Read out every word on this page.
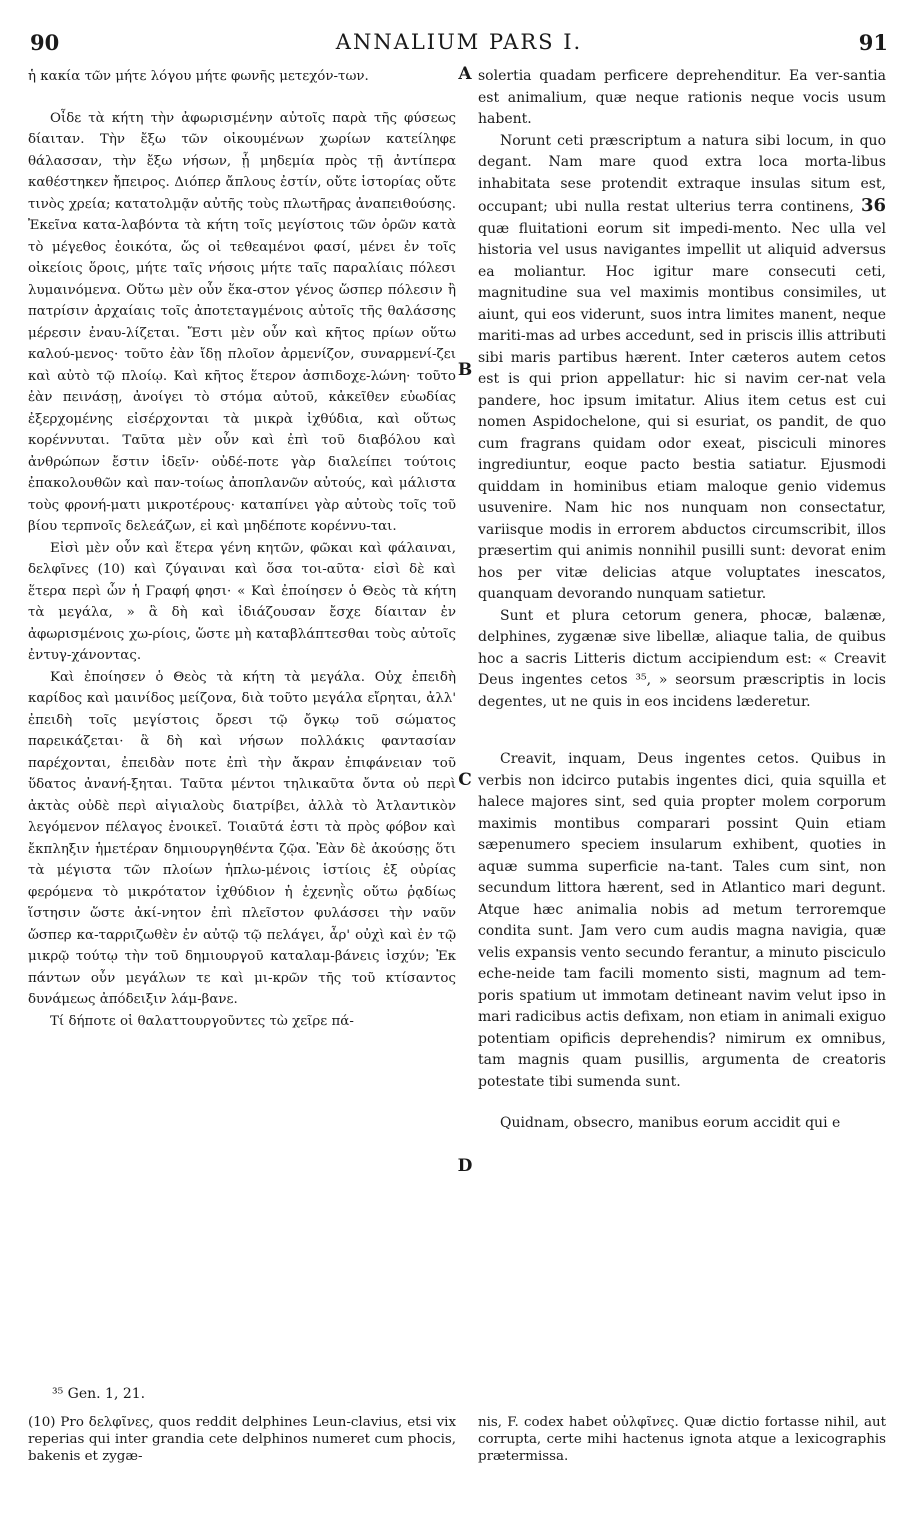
90	ANNALIUM PARS I.	91
A
B
C
D

ἡ κακία τῶν μήτε λόγου μήτε φωνῆς μετεχόν-των.

Οἶδε τὰ κήτη τὴν ἀφωρισμένην αὐτοῖς παρὰ τῆς φύσεως δίαιταν. Τὴν ἔξω τῶν οἰκουμένων χωρίων κατείληφε θάλασσαν, τὴν ἔξω νήσων, ᾗ μηδεμία πρὸς τῇ ἀντίπερα καθέστηκεν ἤπειρος. Διόπερ ἄπλους ἐστίν, οὔτε ἱστορίας οὔτε τινὸς χρεία; κατατολμᾷν αὐτῆς τοὺς πλωτῆρας ἀναπειθούσης. Ἐκεῖνα κατα-λαβόντα τὰ κήτη τοῖς μεγίστοις τῶν ὀρῶν κατὰ τὸ μέγεθος ἐοικότα, ὥς οἱ τεθεαμένοι φασί, μένει ἐν τοῖς οἰκείοις ὅροις, μήτε ταῖς νήσοις μήτε ταῖς παραλίαις πόλεσι λυμαινόμενα. Οὕτω μὲν οὖν ἕκα-στον γένος ὥσπερ πόλεσιν ἢ πατρίσιν ἀρχαίαις τοῖς ἀποτεταγμένοις αὐτοῖς τῆς θαλάσσης μέρεσιν ἐναυ-λίζεται. Ἔστι μὲν οὖν καὶ κῆτος πρίων οὕτω καλού-μενος· τοῦτο ἐὰν ἴδῃ πλοῖον ἀρμενίζον, συναρμενί-ζει καὶ αὐτὸ τῷ πλοίῳ. Καὶ κῆτος ἕτερον ἀσπιδοχε-λώνη· τοῦτο ἐὰν πεινάσῃ, ἀνοίγει τὸ στόμα αὐτοῦ, κἀκεῖθεν εὐωδίας ἐξερχομένης εἰσέρχονται τὰ μικρὰ ἰχθύδια, καὶ οὕτως κορέννυται. Ταῦτα μὲν οὖν καὶ ἐπὶ τοῦ διαβόλου καὶ ἀνθρώπων ἔστιν ἰδεῖν· οὐδέ-ποτε γὰρ διαλείπει τούτοις ἐπακολουθῶν καὶ παν-τοίως ἀποπλανῶν αὐτούς, καὶ μάλιστα τοὺς φρονή-ματι μικροτέρους· καταπίνει γὰρ αὐτοὺς τοῖς τοῦ βίου τερπνοῖς δελεάζων, εἰ καὶ μηδέποτε κορέννυ-ται.

Εἰσὶ μὲν οὖν καὶ ἕτερα γένη κητῶν, φῶκαι καὶ φάλαιναι, δελφῖνες (10) καὶ ζύγαιναι καὶ ὅσα τοι-αῦτα· εἰσὶ δὲ καὶ ἕτερα περὶ ὧν ἡ Γραφή φησι· « Καὶ ἐποίησεν ὁ Θεὸς τὰ κήτη τὰ μεγάλα, » ἃ δὴ καὶ ἰδιάζουσαν ἔσχε δίαιταν ἐν ἀφωρισμένοις χω-ρίοις, ὥστε μὴ καταβλάπτεσθαι τοὺς αὐτοῖς ἐντυγ-χάνοντας.

Καὶ ἐποίησεν ὁ Θεὸς τὰ κήτη τὰ μεγάλα. Οὐχ ἐπειδὴ καρίδος καὶ μαινίδος μείζονα, διὰ τοῦτο μεγάλα εἴρηται, ἀλλ' ἐπειδὴ τοῖς μεγίστοις ὄρεσι τῷ ὄγκῳ τοῦ σώματος παρεικάζεται· ἃ δὴ καὶ νήσων πολλάκις φαντασίαν παρέχονται, ἐπειδὰν ποτε ἐπὶ τὴν ἄκραν ἐπιφάνειαν τοῦ ὕδατος ἀνανή-ξηται. Ταῦτα μέντοι τηλικαῦτα ὄντα οὐ περὶ ἀκτὰς οὐδὲ περὶ αἰγιαλοὺς διατρίβει, ἀλλὰ τὸ Ἀτλαντικὸν λεγόμενον πέλαγος ἐνοικεῖ. Τοιαῦτά ἐστι τὰ πρὸς φόβον καὶ ἔκπληξιν ἡμετέραν δημιουργηθέντα ζῷα. Ἐὰν δὲ ἀκούσῃς ὅτι τὰ μέγιστα τῶν πλοίων ἡπλω-μένοις ἱστίοις ἐξ οὐρίας φερόμενα τὸ μικρότατον ἰχθύδιον ἡ ἐχενηῒς οὕτω ῥᾳδίως ἵστησιν ὥστε ἀκί-νητον ἐπὶ πλεῖστον φυλάσσει τὴν ναῦν ὥσπερ κα-ταρριζωθὲν ἐν αὐτῷ τῷ πελάγει, ἆρ' οὐχὶ καὶ ἐν τῷ μικρῷ τούτῳ τὴν τοῦ δημιουργοῦ καταλαμ-βάνεις ἰσχύν; Ἐκ πάντων οὖν μεγάλων τε καὶ μι-κρῶν τῆς τοῦ κτίσαντος δυνάμεως ἀπόδειξιν λάμ-βανε.

Τί δήποτε οἱ θαλαττουργοῦντες τὼ χεῖρε πά-

solertia quadam perficere deprehenditur. Ea ver-santia est animalium, quæ neque rationis neque vocis usum habent.

Norunt ceti præscriptum a natura sibi locum, in quo degant. Nam mare quod extra loca morta-libus inhabitata sese protendit extraque insulas situm est, occupant; ubi nulla restat ulterius terra continens, 36 quæ fluitationi eorum sit impedi-mento. Nec ulla vel historia vel usus navigantes impellit ut aliquid adversus ea moliantur. Hoc igitur mare consecuti ceti, magnitudine sua vel maximis montibus consimiles, ut aiunt, qui eos viderunt, suos intra limites manent, neque mariti-mas ad urbes accedunt, sed in priscis illis attributi sibi maris partibus hærent. Inter cæteros autem cetos est is qui prion appellatur: hic si navim cer-nat vela pandere, hoc ipsum imitatur. Alius item cetus est cui nomen Aspidochelone, qui si esuriat, os pandit, de quo cum fragrans quidam odor exeat, pisciculi minores ingrediuntur, eoque pacto bestia satiatur. Ejusmodi quiddam in hominibus etiam maloque genio videmus usuvenire. Nam hic nos nunquam non consectatur, variisque modis in errorem abductos circumscribit, illos præsertim qui animis nonnihil pusilli sunt: devorat enim hos per vitæ delicias atque voluptates inescatos, quanquam devorando nunquam satietur.

Sunt et plura cetorum genera, phocæ, balænæ, delphines, zygænæ sive libellæ, aliaque talia, de quibus hoc a sacris Litteris dictum accipiendum est: « Creavit Deus ingentes cetos ³⁵, » seorsum præscriptis in locis degentes, ut ne quis in eos incidens læderetur.

Creavit, inquam, Deus ingentes cetos. Quibus in verbis non idcirco putabis ingentes dici, quia squilla et halece majores sint, sed quia propter molem corporum maximis montibus comparari possint Quin etiam sæpenumero speciem insularum exhibent, quoties in aquæ summa superficie na-tant. Tales cum sint, non secundum littora hærent, sed in Atlantico mari degunt. Atque hæc animalia nobis ad metum terroremque condita sunt. Jam vero cum audis magna navigia, quæ velis expansis vento secundo ferantur, a minuto pisciculo eche-neide tam facili momento sisti, magnum ad tem-poris spatium ut immotam detineant navim velut ipso in mari radicibus actis defixam, non etiam in animali exiguo potentiam opificis deprehendis? nimirum ex omnibus, tam magnis quam pusillis, argumenta de creatoris potestate tibi sumenda sunt.

Quidnam, obsecro, manibus eorum accidit qui e

³⁵ Gen. 1, 21.
(10) Pro δελφῖνες, quos reddit delphines Leun-clavius, etsi vix reperias qui inter grandia cete delphinos numeret cum phocis, bakenis et zygæ-
nis, F. codex habet οὐλφῖνες. Quæ dictio fortasse nihil, aut corrupta, certe mihi hactenus ignota atque a lexicographis prætermissa.
